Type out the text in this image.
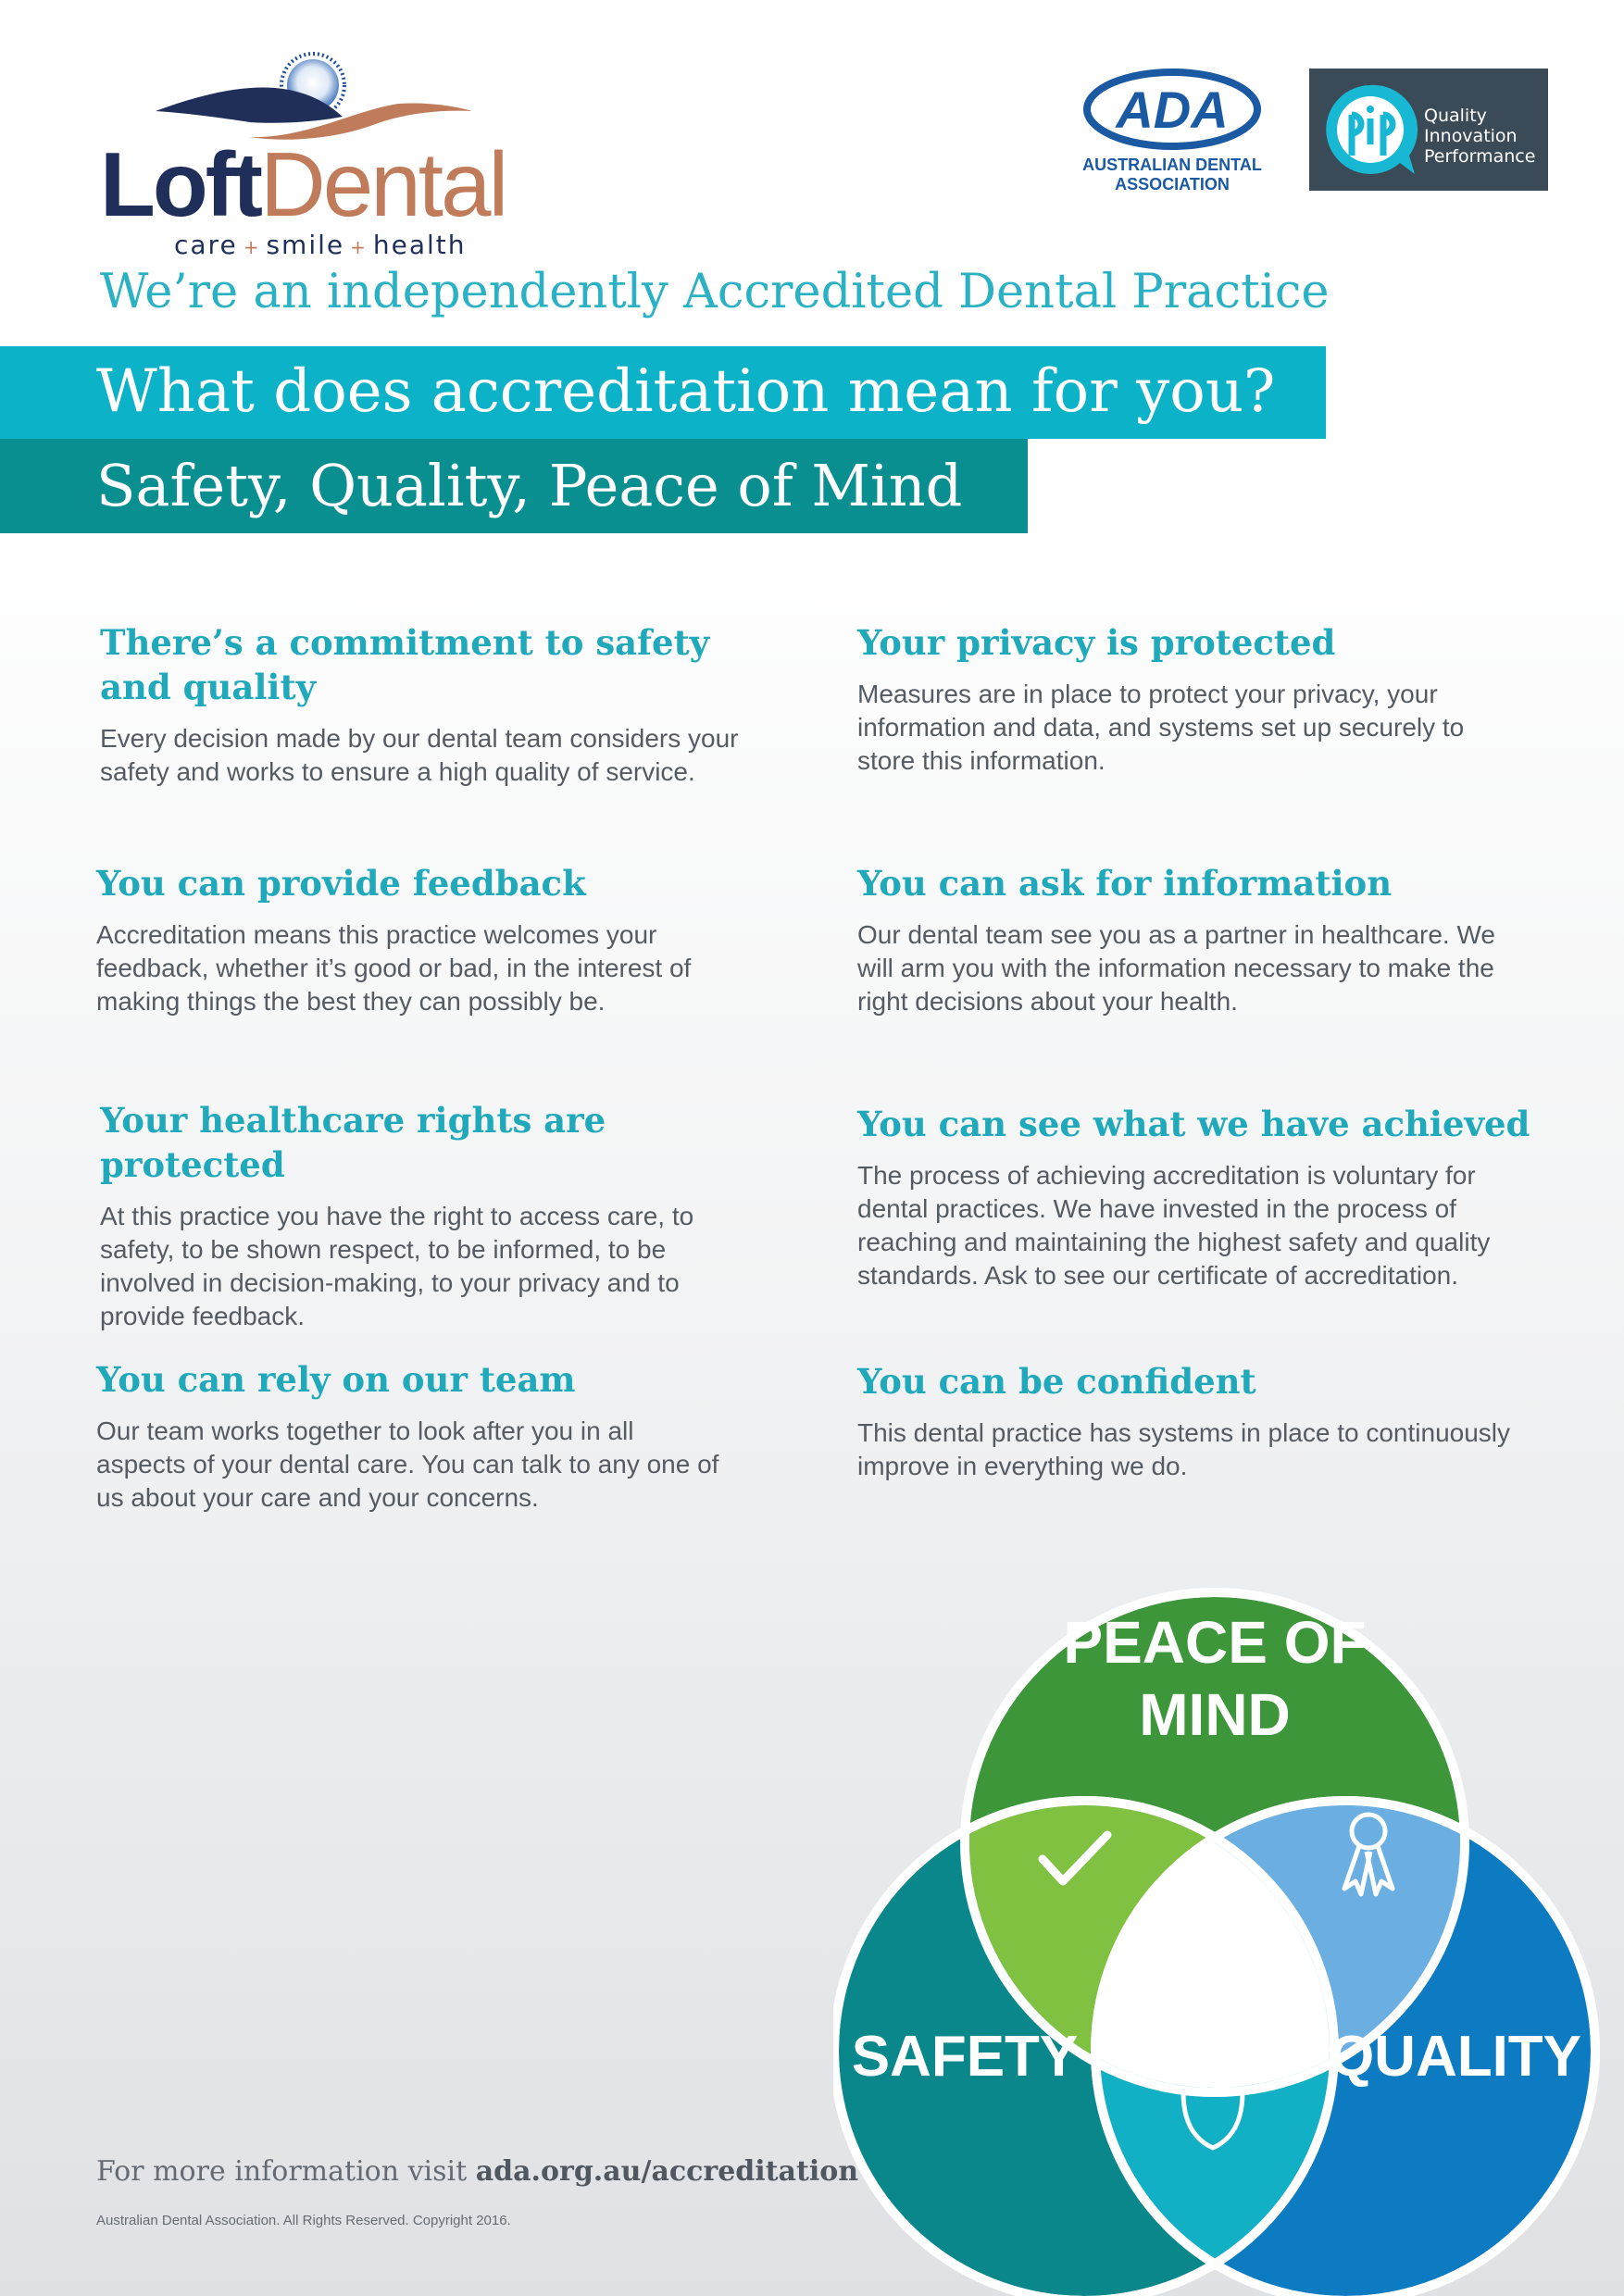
LoftDental
care + smile + health
ADA
AUSTRALIAN DENTAL
ASSOCIATION
Quality
Innovation
Performance
We’re an independently Accredited Dental Practice
What does accreditation mean for you?
Safety, Quality, Peace of Mind
There’s a commitment to safety and quality

Every decision made by our dental team considers your safety and works to ensure a high quality of service.

Your privacy is protected

Measures are in place to protect your privacy, your information and data, and systems set up securely to store this information.

You can provide feedback

Accreditation means this practice welcomes your feedback, whether it’s good or bad, in the interest of making things the best they can possibly be.

You can ask for information

Our dental team see you as a partner in healthcare. We will arm you with the information necessary to make the right decisions about your health.

Your healthcare rights are protected

At this practice you have the right to access care, to safety, to be shown respect, to be informed, to be involved in decision-making, to your privacy and to provide feedback.

You can see what we have achieved

The process of achieving accreditation is voluntary for dental practices. We have invested in the process of reaching and maintaining the highest safety and quality standards. Ask to see our certificate of accreditation.

You can rely on our team

Our team works together to look after you in all aspects of your dental care. You can talk to any one of us about your care and your concerns.

You can be confident

This dental practice has systems in place to continuously improve in everything we do.

PEACE OF
MIND
SAFETY	QUALITY
For more information visit ada.org.au/accreditation
Australian Dental Association. All Rights Reserved. Copyright 2016.
